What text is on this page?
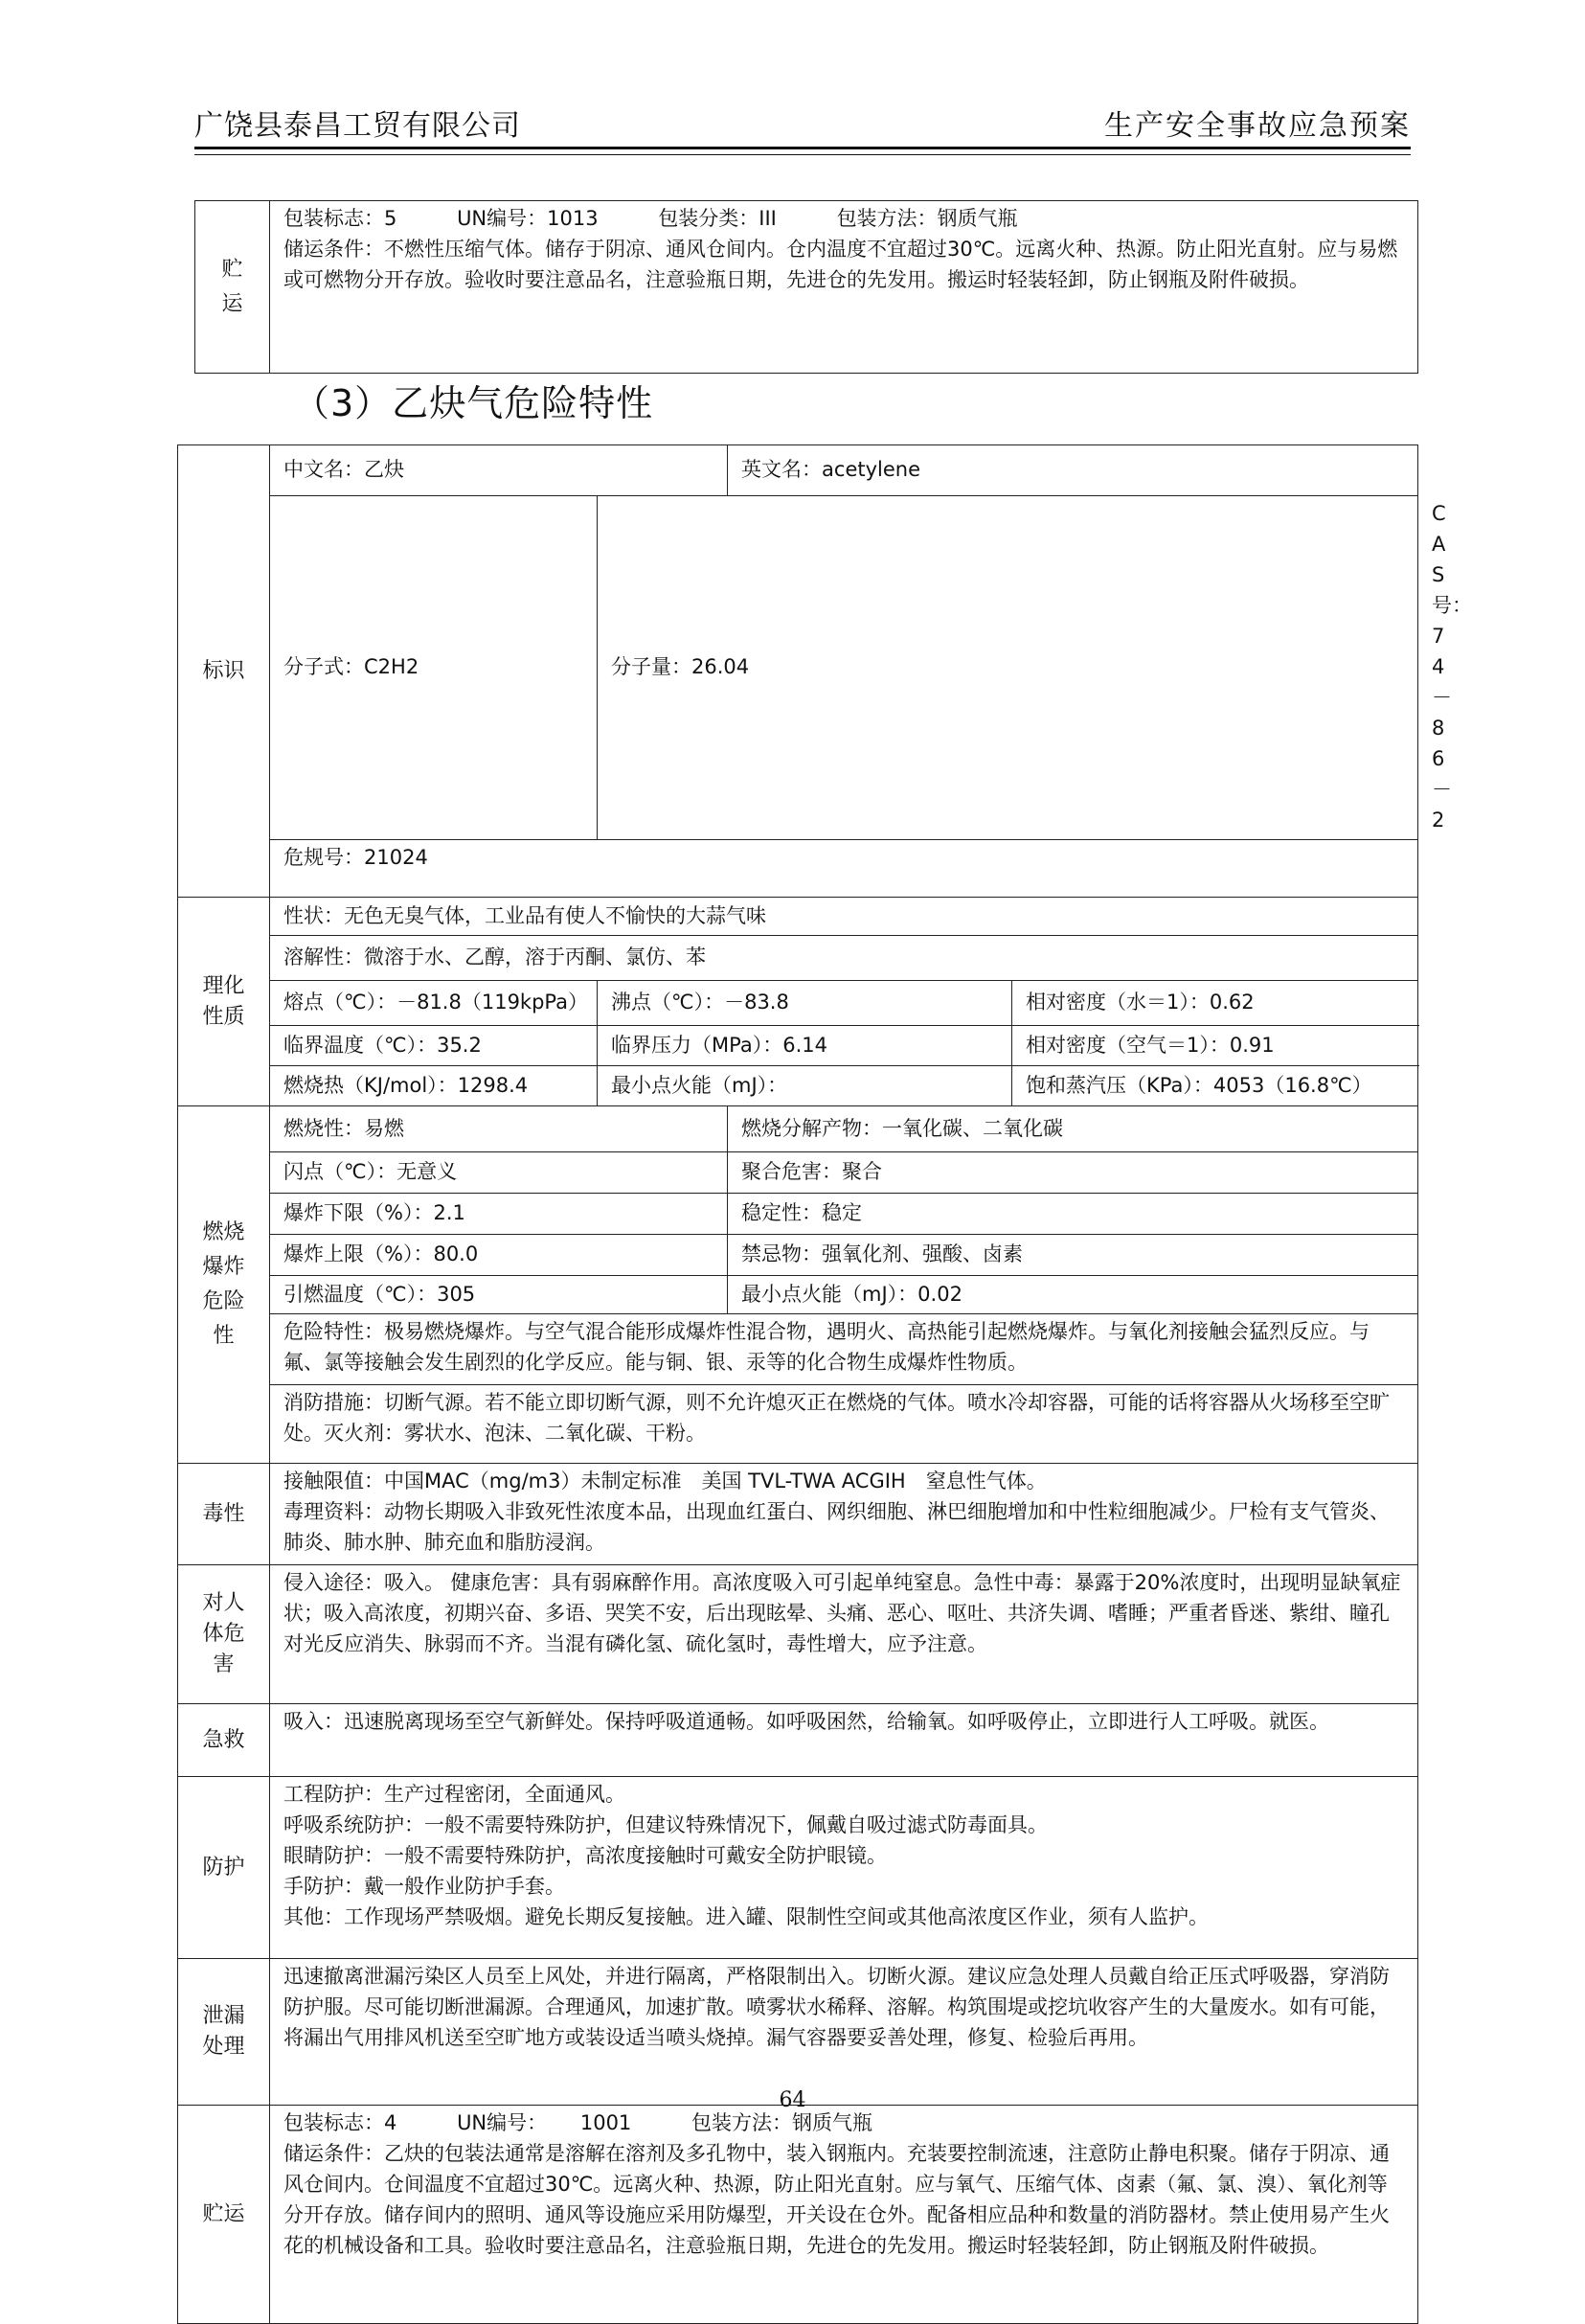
广饶县泰昌工贸有限公司	生产安全事故应急预案
贮运	
包装标志：5	UN编号：1013	包装分类：III	包装方法：钢质气瓶
储运条件：不燃性压缩气体。储存于阴凉、通风仓间内。仓内温度不宜超过30℃。远离火种、热源。防止阳光直射。应与易燃或可燃物分开存放。验收时要注意品名，注意验瓶日期，先进仓的先发用。搬运时轻装轻卸，防止钢瓶及附件破损。
（3）乙炔气危险特性
标识	中文名：乙炔		英文名：acetylene		
	分子式：C2H2	分子量：26.04			CAS号：74－86－2
	危规号：21024				
理化性质	性状：无色无臭气体，工业品有使人不愉快的大蒜气味				
	溶解性：微溶于水、乙醇，溶于丙酮、氯仿、苯				
	熔点（℃）：－81.8（119kpPa）	沸点（℃）：－83.8		相对密度（水＝1）：0.62	
	临界温度（℃）：35.2	临界压力（MPa）：6.14		相对密度（空气＝1）：0.91	
	燃烧热（KJ/mol）：1298.4	最小点火能（mJ）：		饱和蒸汽压（KPa）：4053（16.8℃）	
燃烧爆炸危险性	燃烧性：易燃		燃烧分解产物：一氧化碳、二氧化碳		
	闪点（℃）：无意义		聚合危害：聚合		
	爆炸下限（%）：2.1		稳定性：稳定		
	爆炸上限（%）：80.0		禁忌物：强氧化剂、强酸、卤素		
	引燃温度（℃）：305		最小点火能（mJ）：0.02		
	危险特性：极易燃烧爆炸。与空气混合能形成爆炸性混合物，遇明火、高热能引起燃烧爆炸。与氧化剂接触会猛烈反应。与氟、氯等接触会发生剧烈的化学反应。能与铜、银、汞等的化合物生成爆炸性物质。				
	消防措施：切断气源。若不能立即切断气源，则不允许熄灭正在燃烧的气体。喷水冷却容器，可能的话将容器从火场移至空旷处。灭火剂：雾状水、泡沫、二氧化碳、干粉。				
毒性	接触限值：中国MAC（mg/m3）未制定标准　美国 TVL-TWA ACGIH　窒息性气体。
毒理资料：动物长期吸入非致死性浓度本品，出现血红蛋白、网织细胞、淋巴细胞增加和中性粒细胞减少。尸检有支气管炎、肺炎、肺水肿、肺充血和脂肪浸润。				

对人体危害	侵入途径：吸入。 健康危害：具有弱麻醉作用。高浓度吸入可引起单纯窒息。急性中毒：暴露于20%浓度时，出现明显缺氧症状；吸入高浓度，初期兴奋、多语、哭笑不安，后出现眩晕、头痛、恶心、呕吐、共济失调、嗜睡；严重者昏迷、紫绀、瞳孔对光反应消失、脉弱而不齐。当混有磷化氢、硫化氢时，毒性增大，应予注意。				
急救	吸入：迅速脱离现场至空气新鲜处。保持呼吸道通畅。如呼吸困然，给输氧。如呼吸停止，立即进行人工呼吸。就医。				
防护	工程防护：生产过程密闭，全面通风。
呼吸系统防护：一般不需要特殊防护，但建议特殊情况下，佩戴自吸过滤式防毒面具。
眼睛防护：一般不需要特殊防护，高浓度接触时可戴安全防护眼镜。
手防护：戴一般作业防护手套。
其他：工作现场严禁吸烟。避免长期反复接触。进入罐、限制性空间或其他高浓度区作业，须有人监护。				

泄漏处理	迅速撤离泄漏污染区人员至上风处，并进行隔离，严格限制出入。切断火源。建议应急处理人员戴自给正压式呼吸器，穿消防防护服。尽可能切断泄漏源。合理通风，加速扩散。喷雾状水稀释、溶解。构筑围堤或挖坑收容产生的大量废水。如有可能，将漏出气用排风机送至空旷地方或装设适当喷头烧掉。漏气容器要妥善处理，修复、检验后再用。				
贮运	包装标志：4 UN编号： 1001 包装方法：钢质气瓶
储运条件：乙炔的包装法通常是溶解在溶剂及多孔物中，装入钢瓶内。充装要控制流速，注意防止静电积聚。储存于阴凉、通风仓间内。仓间温度不宜超过30℃。远离火种、热源，防止阳光直射。应与氧气、压缩气体、卤素（氟、氯、溴）、氧化剂等分开存放。储存间内的照明、通风等设施应采用防爆型，开关设在仓外。配备相应品种和数量的消防器材。禁止使用易产生火花的机械设备和工具。验收时要注意品名，注意验瓶日期，先进仓的先发用。搬运时轻装轻卸，防止钢瓶及附件破损。				
64
